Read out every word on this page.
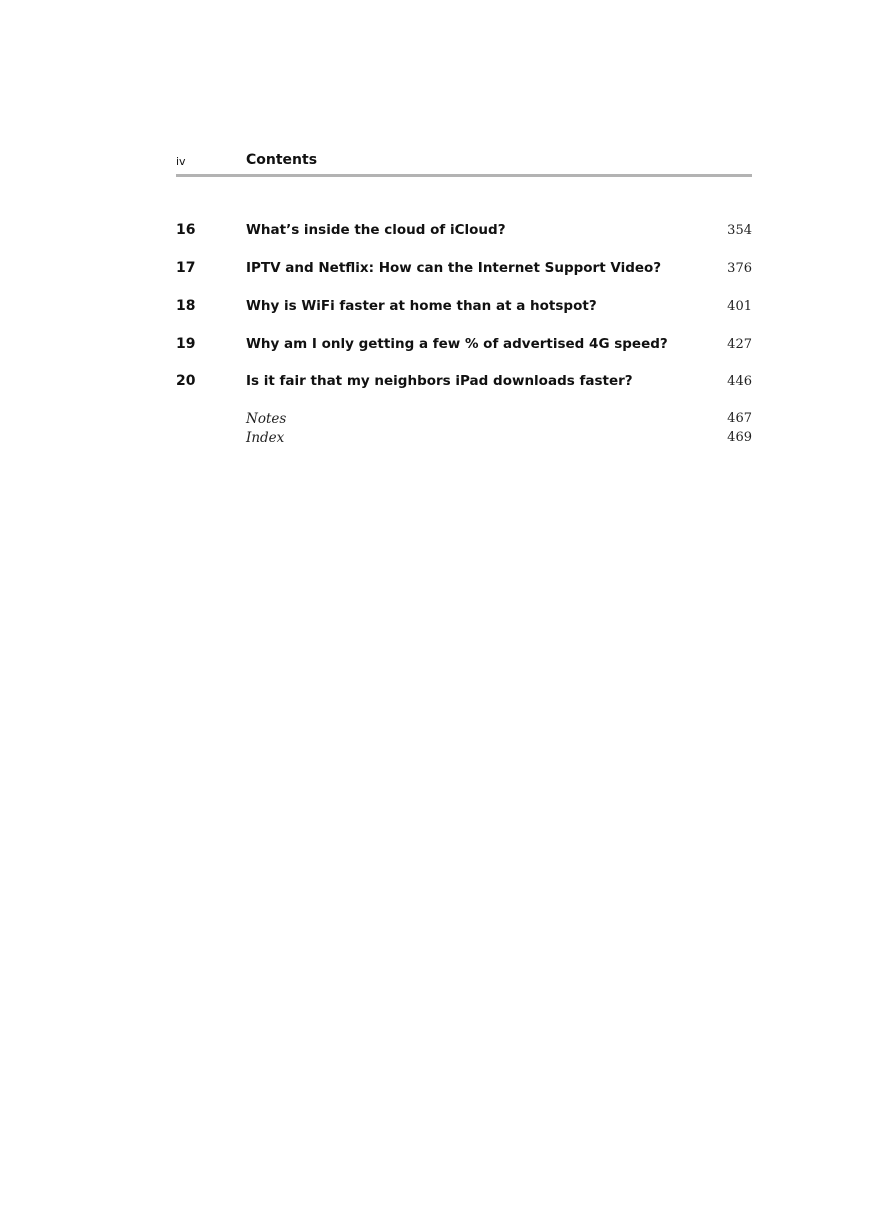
iv	Contents
16	What’s inside the cloud of iCloud?	354
17	IPTV and Netflix: How can the Internet Support Video?	376
18	Why is WiFi faster at home than at a hotspot?	401
19	Why am I only getting a few % of advertised 4G speed?	427
20	Is it fair that my neighbors iPad downloads faster?	446
Notes	467
Index	469
